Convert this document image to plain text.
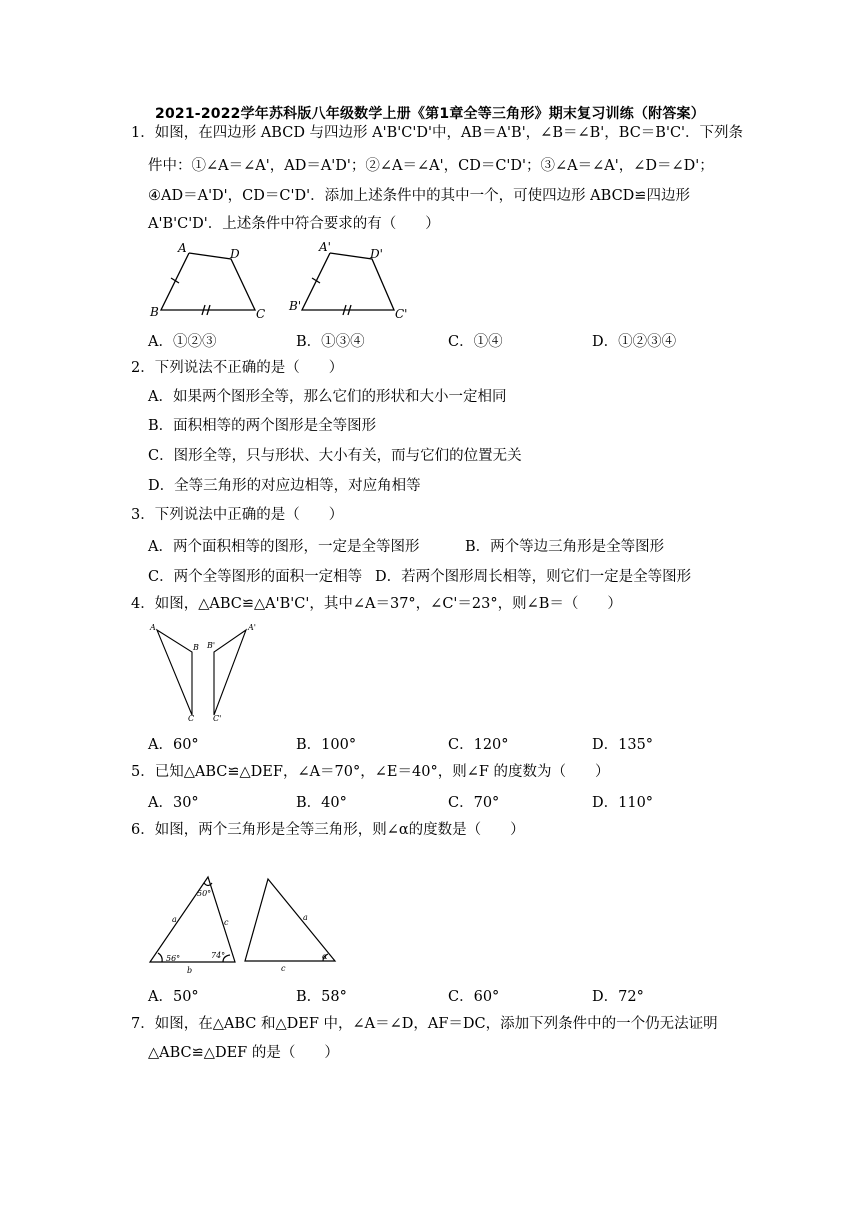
2021-2022学年苏科版八年级数学上册《第1章全等三角形》期末复习训练（附答案）
1．如图，在四边形 ABCD 与四边形 A'B'C'D'中，AB＝A'B'，∠B＝∠B'，BC＝B'C'．下列条
件中：①∠A＝∠A'，AD＝A'D'；②∠A＝∠A'，CD＝C'D'；③∠A＝∠A'，∠D＝∠D'；
④AD＝A'D'，CD＝C'D'．添加上述条件中的其中一个，可使四边形 ABCD≌四边形
A'B'C'D'．上述条件中符合要求的有（　　）
A	D
B	C
A'	D'
B'
C'
A．①②③	B．①③④	C．①④	D．①②③④
2．下列说法不正确的是（　　）
A．如果两个图形全等，那么它们的形状和大小一定相同
B．面积相等的两个图形是全等图形
C．图形全等，只与形状、大小有关，而与它们的位置无关
D．全等三角形的对应边相等，对应角相等
3．下列说法中正确的是（　　）
A．两个面积相等的图形，一定是全等图形	B．两个等边三角形是全等图形
C．两个全等图形的面积一定相等 D．若两个图形周长相等，则它们一定是全等图形
4．如图，△ABC≌△A'B'C'，其中∠A＝37°，∠C'＝23°，则∠B＝（　　）
A
B
C
B'
A'
C'
A．60°	B．100°	C．120°	D．135°
5．已知△ABC≌△DEF，∠A＝70°，∠E＝40°，则∠F 的度数为（　　）
A．30°	B．40°	C．70°	D．110°
6．如图，两个三角形是全等三角形，则∠α的度数是（　　）
50°
a	c
56°	74°
b
a
c
α
A．50°	B．58°	C．60°	D．72°
7．如图，在△ABC 和△DEF 中，∠A＝∠D，AF＝DC，添加下列条件中的一个仍无法证明
△ABC≌△DEF 的是（　　）
